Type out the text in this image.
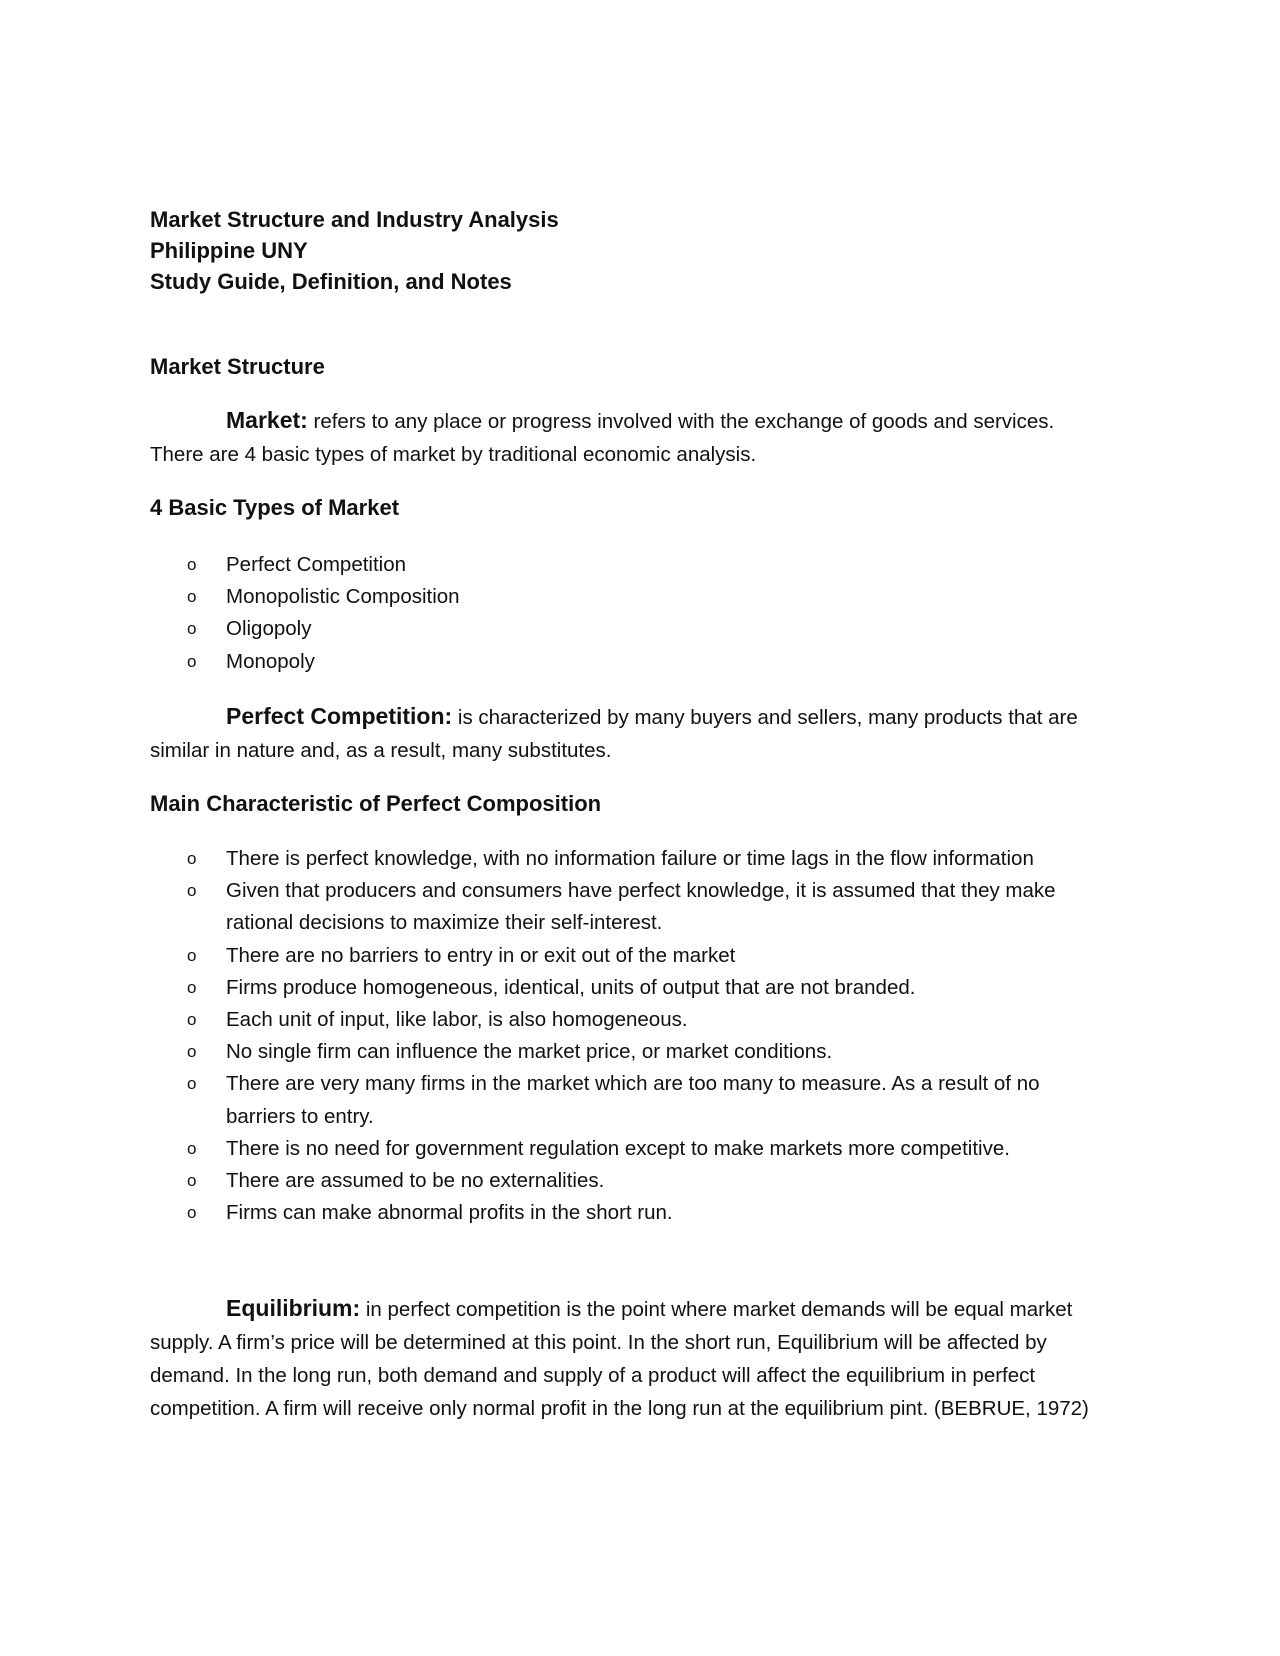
Market Structure and Industry Analysis
Philippine UNY
Study Guide, Definition, and Notes
Market Structure
Market: refers to any place or progress involved with the exchange of goods and services. There are 4 basic types of market by traditional economic analysis.
4 Basic Types of Market
o Perfect Competition
o Monopolistic Composition
o Oligopoly
o Monopoly
Perfect Competition: is characterized by many buyers and sellers, many products that are similar in nature and, as a result, many substitutes.
Main Characteristic of Perfect Composition
o There is perfect knowledge, with no information failure or time lags in the flow information
o Given that producers and consumers have perfect knowledge, it is assumed that they make rational decisions to maximize their self-interest.
o There are no barriers to entry in or exit out of the market
o Firms produce homogeneous, identical, units of output that are not branded.
o Each unit of input, like labor, is also homogeneous.
o No single firm can influence the market price, or market conditions.
o There are very many firms in the market which are too many to measure. As a result of no barriers to entry.
o There is no need for government regulation except to make markets more competitive.
o There are assumed to be no externalities.
o Firms can make abnormal profits in the short run.
Equilibrium: in perfect competition is the point where market demands will be equal market supply. A firm’s price will be determined at this point. In the short run, Equilibrium will be affected by demand. In the long run, both demand and supply of a product will affect the equilibrium in perfect competition. A firm will receive only normal profit in the long run at the equilibrium pint. (BEBRUE, 1972)
